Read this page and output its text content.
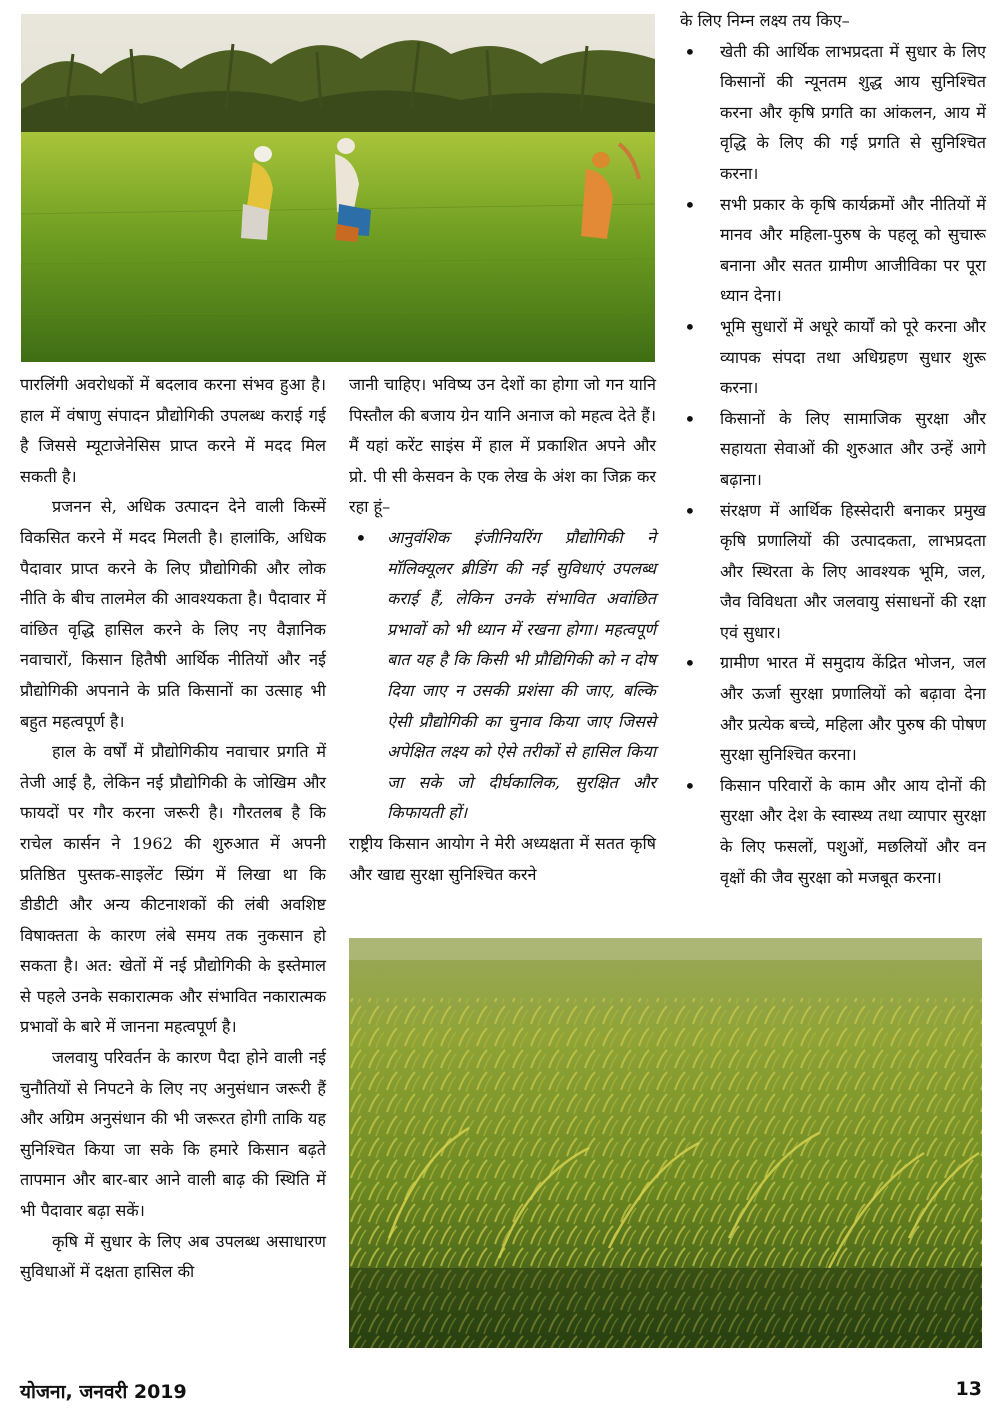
पारलिंगी अवरोधकों में बदलाव करना संभव हुआ है। हाल में वंषाणु संपादन प्रौद्योगिकी उपलब्ध कराई गई है जिससे म्यूटाजेनेसिस प्राप्त करने में मदद मिल सकती है।

प्रजनन से, अधिक उत्पादन देने वाली किस्में विकसित करने में मदद मिलती है। हालांकि, अधिक पैदावार प्राप्त करने के लिए प्रौद्योगिकी और लोक नीति के बीच तालमेल की आवश्यकता है। पैदावार में वांछित वृद्धि हासिल करने के लिए नए वैज्ञानिक नवाचारों, किसान हितैषी आर्थिक नीतियों और नई प्रौद्योगिकी अपनाने के प्रति किसानों का उत्साह भी बहुत महत्वपूर्ण है।

हाल के वर्षों में प्रौद्योगिकीय नवाचार प्रगति में तेजी आई है, लेकिन नई प्रौद्योगिकी के जोखिम और फायदों पर गौर करना जरूरी है। गौरतलब है कि राचेल कार्सन ने 1962 की शुरुआत में अपनी प्रतिष्ठित पुस्तक-साइलेंट स्प्रिंग में लिखा था कि डीडीटी और अन्य कीटनाशकों की लंबी अवशिष्ट विषाक्तता के कारण लंबे समय तक नुकसान हो सकता है। अत: खेतों में नई प्रौद्योगिकी के इस्तेमाल से पहले उनके सकारात्मक और संभावित नकारात्मक प्रभावों के बारे में जानना महत्वपूर्ण है।

जलवायु परिवर्तन के कारण पैदा होने वाली नई चुनौतियों से निपटने के लिए नए अनुसंधान जरूरी हैं और अग्रिम अनुसंधान की भी जरूरत होगी ताकि यह सुनिश्चित किया जा सके कि हमारे किसान बढ़ते तापमान और बार-बार आने वाली बाढ़ की स्थिति में भी पैदावार बढ़ा सकें।

कृषि में सुधार के लिए अब उपलब्ध असाधारण सुविधाओं में दक्षता हासिल की

जानी चाहिए। भविष्य उन देशों का होगा जो गन यानि पिस्तौल की बजाय ग्रेन यानि अनाज को महत्व देते हैं। मैं यहां करेंट साइंस में हाल में प्रकाशित अपने और प्रो. पी सी केसवन के एक लेख के अंश का जिक्र कर रहा हूं–

• आनुवंशिक इंजीनियरिंग प्रौद्योगिकी ने मॉलिक्यूलर ब्रीडिंग की नई सुविधाएं उपलब्ध कराई हैं, लेकिन उनके संभावित अवांछित प्रभावों को भी ध्यान में रखना होगा। महत्वपूर्ण बात यह है कि किसी भी प्रौद्यिगिकी को न दोष दिया जाए न उसकी प्रशंसा की जाए, बल्कि ऐसी प्रौद्योगिकी का चुनाव किया जाए जिससे अपेक्षित लक्ष्य को ऐसे तरीकों से हासिल किया जा सके जो दीर्घकालिक, सुरक्षित और किफायती हों।

राष्ट्रीय किसान आयोग ने मेरी अध्यक्षता में सतत कृषि और खाद्य सुरक्षा सुनिश्चित करने

के लिए निम्न लक्ष्य तय किए–

• खेती की आर्थिक लाभप्रदता में सुधार के लिए किसानों की न्यूनतम शुद्ध आय सुनिश्चित करना और कृषि प्रगति का आंकलन, आय में वृद्धि के लिए की गई प्रगति से सुनिश्चित करना।
• सभी प्रकार के कृषि कार्यक्रमों और नीतियों में मानव और महिला-पुरुष के पहलू को सुचारू बनाना और सतत ग्रामीण आजीविका पर पूरा ध्यान देना।
• भूमि सुधारों में अधूरे कार्यों को पूरे करना और व्यापक संपदा तथा अधिग्रहण सुधार शुरू करना।
• किसानों के लिए सामाजिक सुरक्षा और सहायता सेवाओं की शुरुआत और उन्हें आगे बढ़ाना।
• संरक्षण में आर्थिक हिस्सेदारी बनाकर प्रमुख कृषि प्रणालियों की उत्पादकता, लाभप्रदता और स्थिरता के लिए आवश्यक भूमि, जल, जैव विविधता और जलवायु संसाधनों की रक्षा एवं सुधार।
• ग्रामीण भारत में समुदाय केंद्रित भोजन, जल और ऊर्जा सुरक्षा प्रणालियों को बढ़ावा देना और प्रत्येक बच्चे, महिला और पुरुष की पोषण सुरक्षा सुनिश्चित करना।
• किसान परिवारों के काम और आय दोनों की सुरक्षा और देश के स्वास्थ्य तथा व्यापार सुरक्षा के लिए फसलों, पशुओं, मछलियों और वन वृक्षों की जैव सुरक्षा को मजबूत करना।
योजना, जनवरी 2019	13
